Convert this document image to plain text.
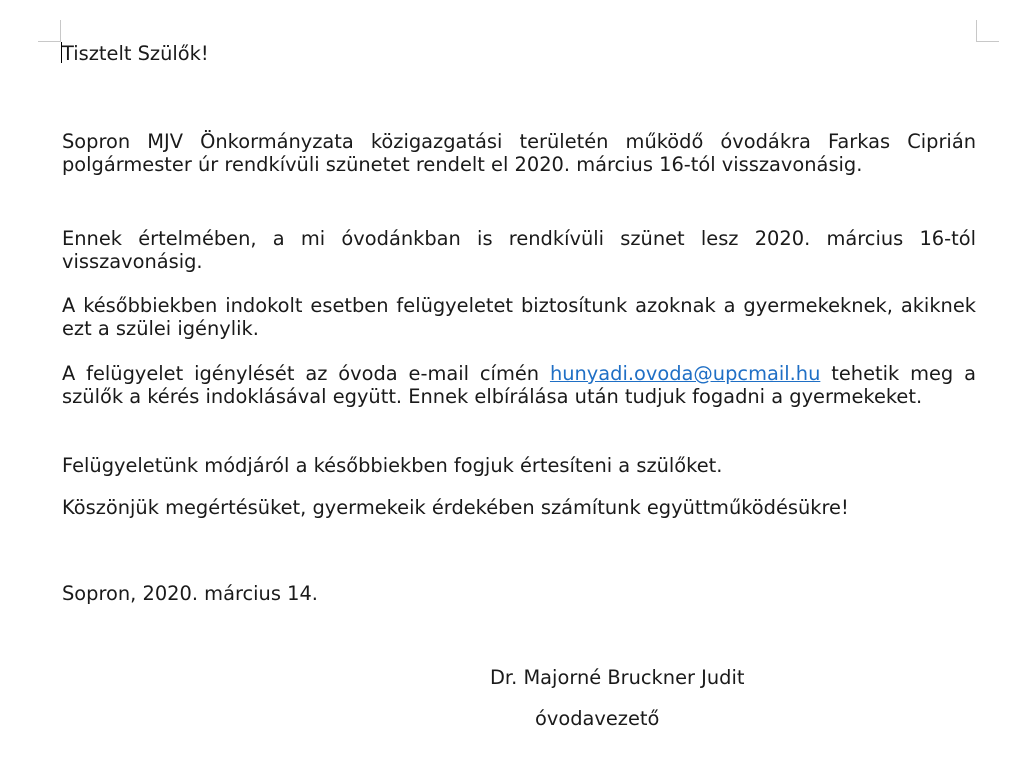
Tisztelt Szülők!

Sopron MJV Önkormányzata közigazgatási területén működő óvodákra Farkas Ciprián polgármester úr rendkívüli szünetet rendelt el 2020. március 16-tól visszavonásig.

Ennek értelmében, a mi óvodánkban is rendkívüli szünet lesz 2020. március 16-tól visszavonásig.

A későbbiekben indokolt esetben felügyeletet biztosítunk azoknak a gyermekeknek, akiknek ezt a szülei igénylik.

A felügyelet igénylését az óvoda e-mail címén hunyadi.ovoda@upcmail.hu tehetik meg a szülők a kérés indoklásával együtt. Ennek elbírálása után tudjuk fogadni a gyermekeket.

Felügyeletünk módjáról a későbbiekben fogjuk értesíteni a szülőket.

Köszönjük megértésüket, gyermekeik érdekében számítunk együttműködésükre!

Sopron, 2020. március 14.

Dr. Majorné Bruckner Judit
óvodavezető
